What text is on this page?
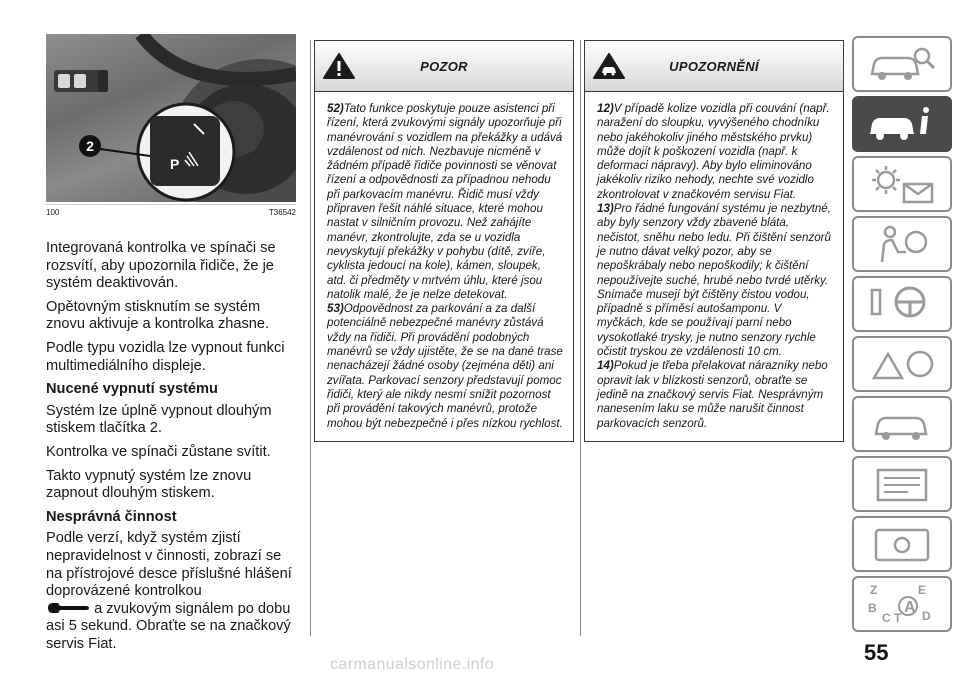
2
P
100	T36542

Integrovaná kontrolka ve spínači se rozsvítí, aby upozornila řidiče, že je systém deaktivován.

Opětovným stisknutím se systém znovu aktivuje a kontrolka zhasne.

Podle typu vozidla lze vypnout funkci multimediálního displeje.

Nucené vypnutí systému

Systém lze úplně vypnout dlouhým stiskem tlačítka 2.

Kontrolka ve spínači zůstane svítit.

Takto vypnutý systém lze znovu zapnout dlouhým stiskem.

Nesprávná činnost

Podle verzí, když systém zjistí nepravidelnost v činnosti, zobrazí se na přístrojové desce příslušné hlášení doprovázené kontrolkou
a zvukovým signálem po dobu asi 5 sekund. Obraťte se na značkový servis Fiat.

POZOR

52)Tato funkce poskytuje pouze asistenci při řízení, která zvukovými signály upozorňuje při manévrování s vozidlem na překážky a udává vzdálenost od nich. Nezbavuje nicméně v žádném případě řidiče povinnosti se věnovat řízení a odpovědnosti za případnou nehodu při parkovacím manévru. Řidič musí vždy připraven řešit náhlé situace, které mohou nastat v silničním provozu. Než zahájíte manévr, zkontrolujte, zda se u vozidla nevyskytují překážky v pohybu (dítě, zvíře, cyklista jedoucí na kole), kámen, sloupek, atd. či předměty v mrtvém úhlu, které jsou natolik malé, že je nelze detekovat.

53)Odpovědnost za parkování a za další potenciálně nebezpečné manévry zůstává vždy na řidiči. Při provádění podobných manévrů se vždy ujistěte, že se na dané trase nenacházejí žádné osoby (zejména děti) ani zvířata. Parkovací senzory představují pomoc řidiči, který ale nikdy nesmí snížit pozornost při provádění takových manévrů, protože mohou být nebezpečné i přes nízkou rychlost.

UPOZORNĚNÍ

12)V případě kolize vozidla při couvání (např. naražení do sloupku, vyvýšeného chodníku nebo jakéhokoliv jiného městského prvku) může dojít k poškození vozidla (např. k deformaci nápravy). Aby bylo eliminováno jakékoliv riziko nehody, nechte své vozidlo zkontrolovat v značkovém servisu Fiat.

13)Pro řádné fungování systému je nezbytné, aby byly senzory vždy zbavené bláta, nečistot, sněhu nebo ledu. Při čištění senzorů je nutno dávat velký pozor, aby se nepoškrábaly nebo nepoškodily; k čištění nepoužívejte suché, hrubé nebo tvrdé utěrky. Snímače musejí být čištěny čistou vodou, případně s příměsí autošamponu. V myčkách, kde se používají parní nebo vysokotlaké trysky, je nutno senzory rychle očistit tryskou ze vzdálenosti 10 cm.

14)Pokud je třeba přelakovat nárazníky nebo opravit lak v blízkosti senzorů, obraťte se jedině na značkový servis Fiat. Nesprávným nanesením laku se může narušit činnost parkovacích senzorů.

Z	E
B
C T D
A
55
carmanualsonline.info
